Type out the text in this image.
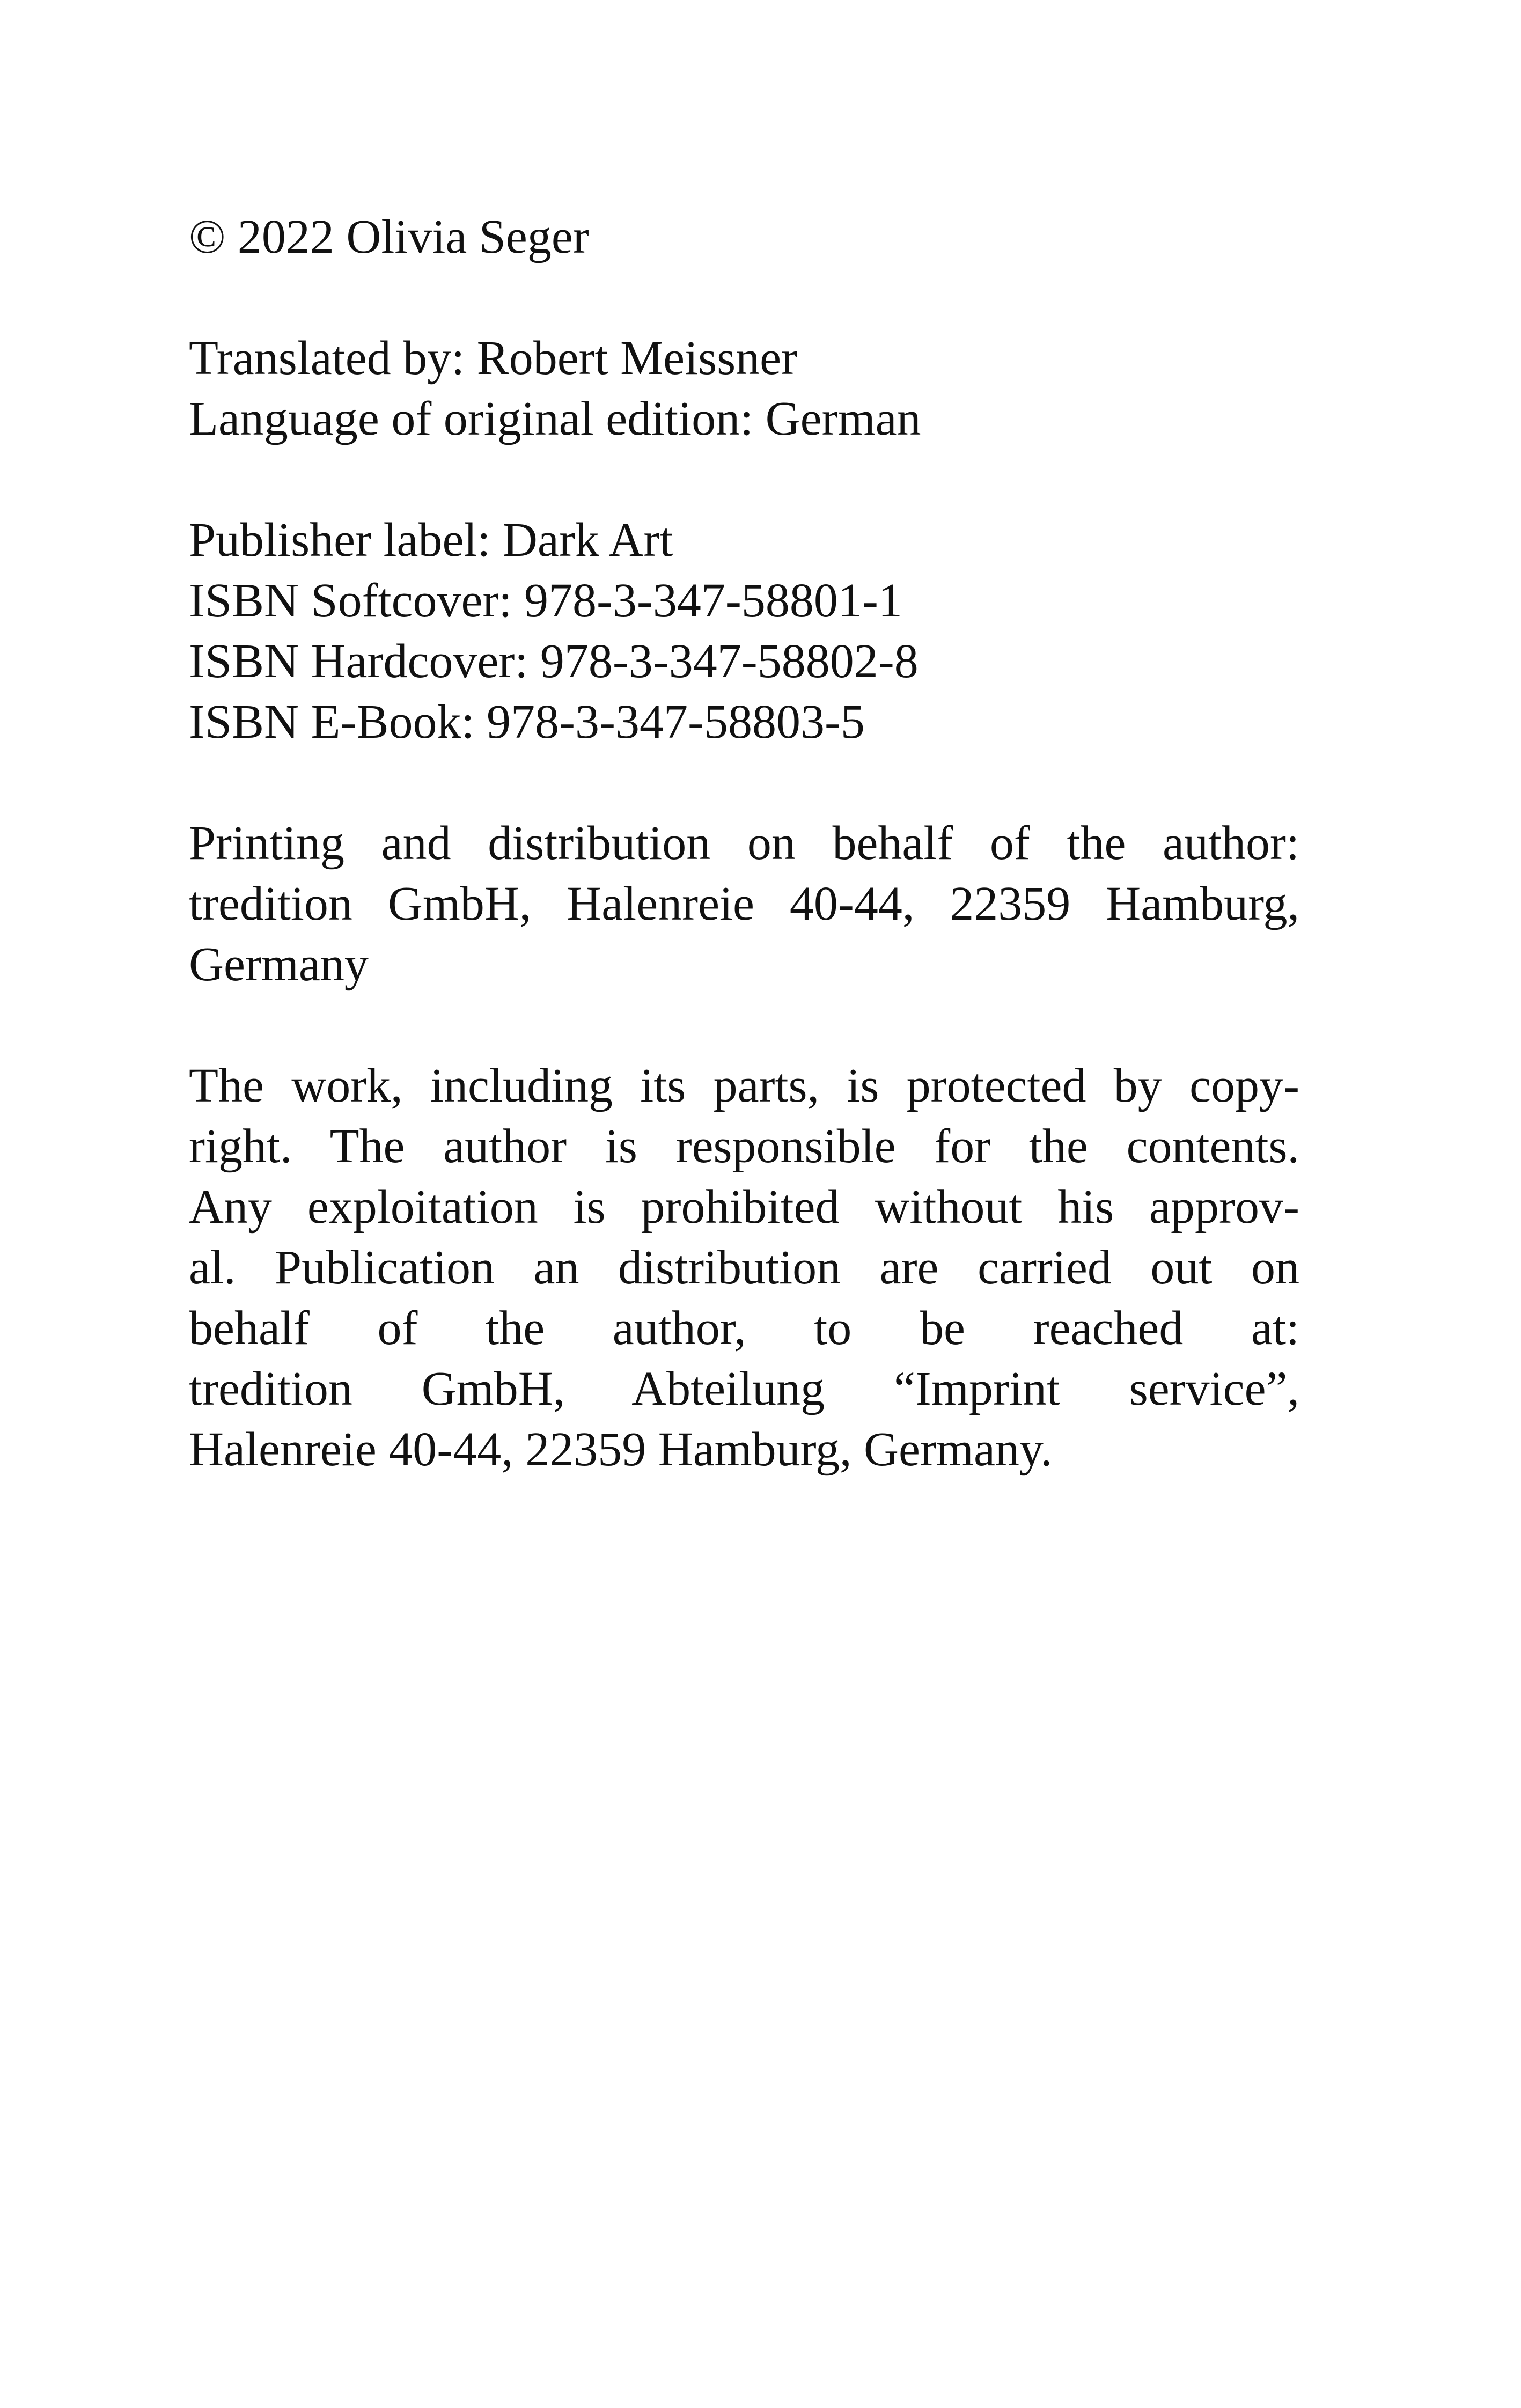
© 2022 Olivia Seger
Translated by: Robert Meissner
Language of original edition: German
Publisher label: Dark Art
ISBN Softcover: 978-3-347-58801-1
ISBN Hardcover: 978-3-347-58802-8
ISBN E-Book: 978-3-347-58803-5
Printing and distribution on behalf of the author:
tredition GmbH, Halenreie 40-44, 22359 Hamburg,
Germany
The work, including its parts, is protected by copy-
right. The author is responsible for the contents.
Any exploitation is prohibited without his approv-
al. Publication an distribution are carried out on
behalf of the author, to be reached at:
tredition GmbH, Abteilung “Imprint service”,
Halenreie 40-44, 22359 Hamburg, Germany.
